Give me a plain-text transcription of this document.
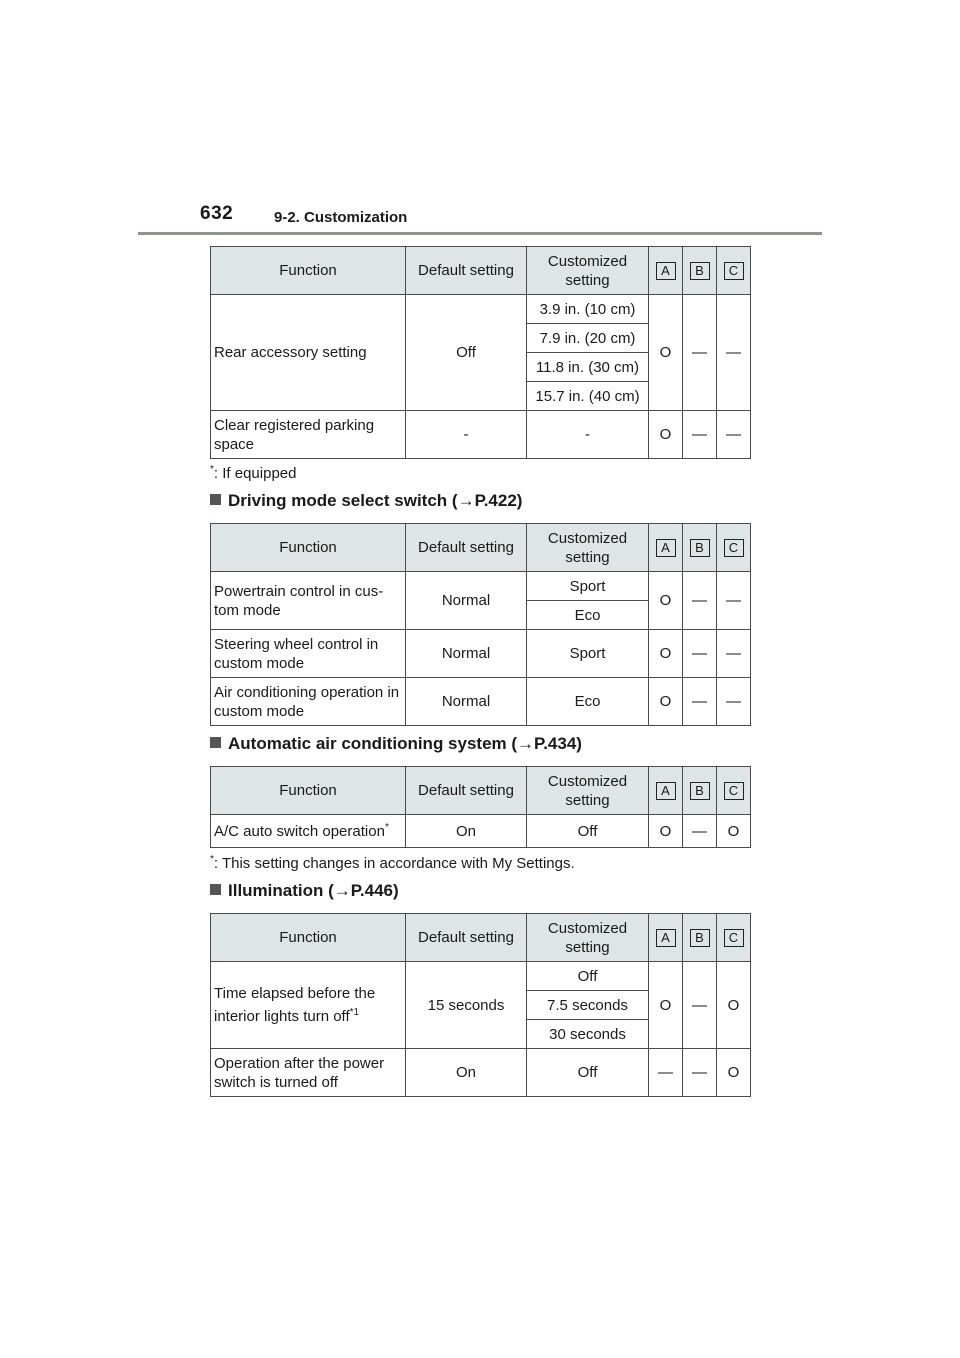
632	9-2. Customization
Function	Default setting	Customized setting	A	B	C
Rear accessory setting	Off	3.9 in. (10 cm)	O	—	—
		7.9 in. (20 cm)			
		11.8 in. (30 cm)			
		15.7 in. (40 cm)			
Clear registered parking space	-	-	O	—	—
*: If equipped
Driving mode select switch (→P.422)
Function	Default setting	Customized setting	A	B	C
Powertrain control in cus-tom mode	Normal	Sport	O	—	—
		Eco			
Steering wheel control in custom mode	Normal	Sport	O	—	—
Air conditioning operation in custom mode	Normal	Eco	O	—	—
Automatic air conditioning system (→P.434)
Function	Default setting	Customized setting	A	B	C
A/C auto switch operation*	On	Off	O	—	O
*: This setting changes in accordance with My Settings.
Illumination (→P.446)
Function	Default setting	Customized setting	A	B	C
Time elapsed before the interior lights turn off$^{*1}$	15 seconds	Off	O	—	O
		7.5 seconds			
		30 seconds			
Operation after the power switch is turned off	On	Off	—	—	O
